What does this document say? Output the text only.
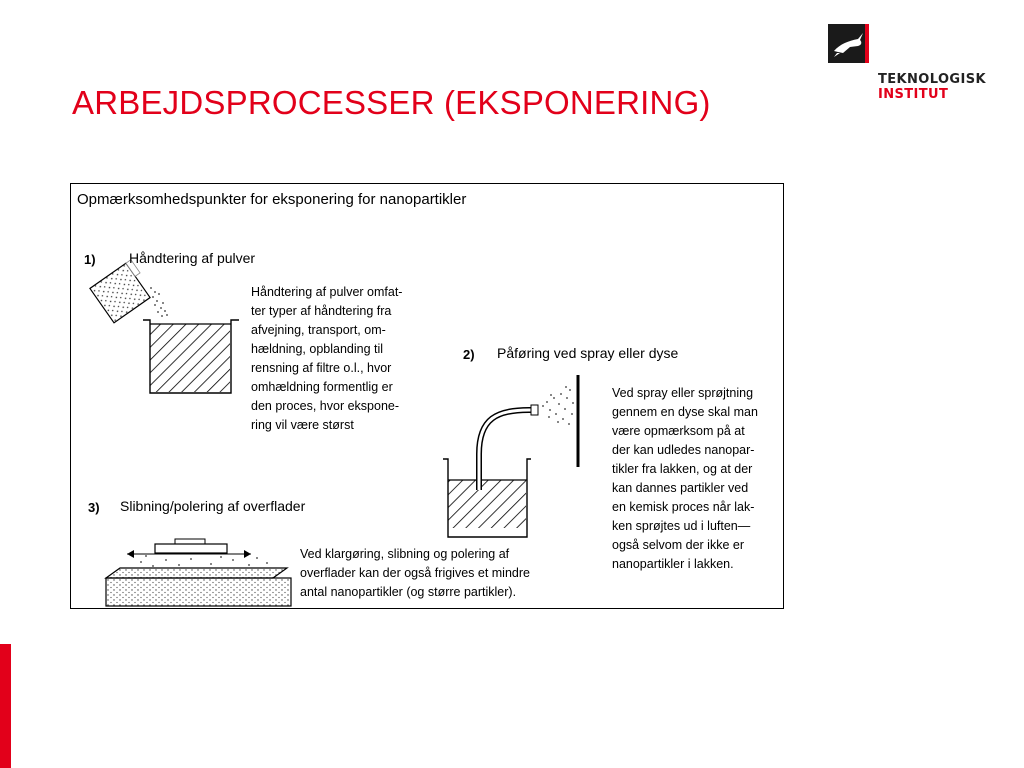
ARBEJDSPROCESSER (EKSPONERING)
TEKNOLOGISK
INSTITUT
Opmærksomhedspunkter for eksponering for nanopartikler
1) Håndtering af pulver
Håndtering af pulver omfat-
ter typer af håndtering fra
afvejning, transport, om-
hældning, opblanding til
rensning af filtre o.l., hvor
omhældning formentlig er
den proces, hvor ekspone-
ring vil være størst
2) Påføring ved spray eller dyse
Ved spray eller sprøjtning
gennem en dyse skal man
være opmærksom på at
der kan udledes nanopar-
tikler fra lakken, og at der
kan dannes partikler ved
en kemisk proces når lak-
ken sprøjtes ud i luften—
også selvom der ikke er
nanopartikler i lakken.
3) Slibning/polering af overflader
Ved klargøring, slibning og polering af
overflader kan der også frigives et mindre
antal nanopartikler (og større partikler).
